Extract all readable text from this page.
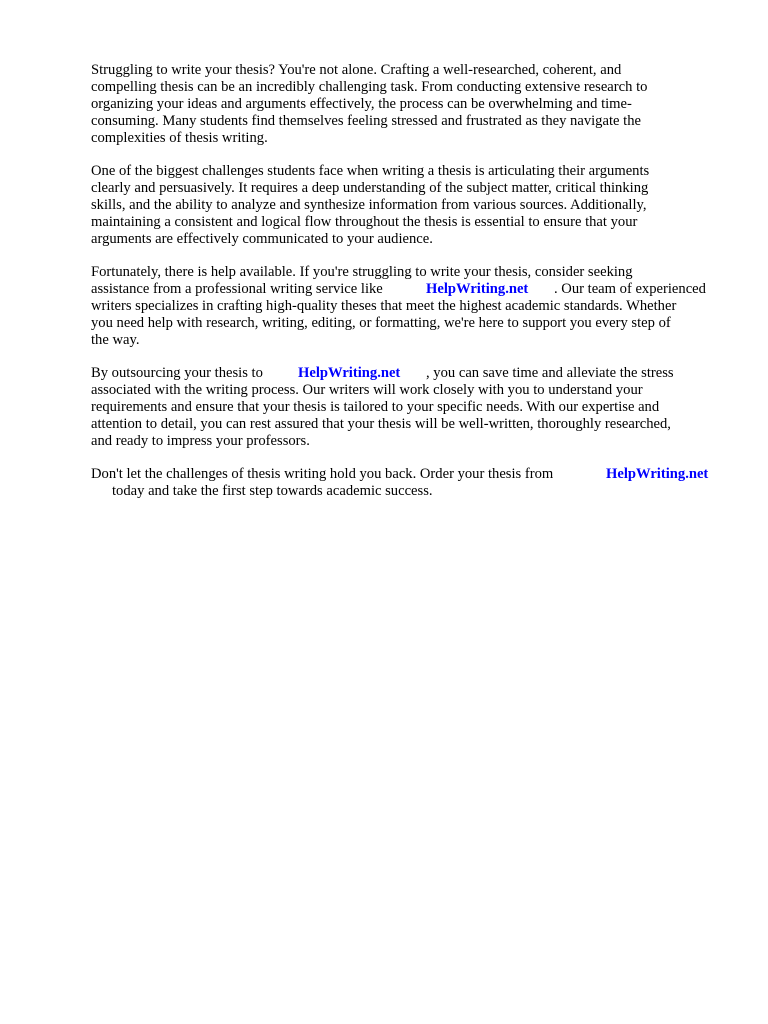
Struggling to write your thesis? You're not alone. Crafting a well-researched, coherent, and

compelling thesis can be an incredibly challenging task. From conducting extensive research to

organizing your ideas and arguments effectively, the process can be overwhelming and time-

consuming. Many students find themselves feeling stressed and frustrated as they navigate the

complexities of thesis writing.

One of the biggest challenges students face when writing a thesis is articulating their arguments

clearly and persuasively. It requires a deep understanding of the subject matter, critical thinking

skills, and the ability to analyze and synthesize information from various sources. Additionally,

maintaining a consistent and logical flow throughout the thesis is essential to ensure that your

arguments are effectively communicated to your audience.

Fortunately, there is help available. If you're struggling to write your thesis, consider seeking

assistance from a professional writing service like	HelpWriting.net . Our team of experienced

writers specializes in crafting high-quality theses that meet the highest academic standards. Whether

you need help with research, writing, editing, or formatting, we're here to support you every step of

the way.

By outsourcing your thesis to HelpWriting.net , you can save time and alleviate the stress

associated with the writing process. Our writers will work closely with you to understand your

requirements and ensure that your thesis is tailored to your specific needs. With our expertise and

attention to detail, you can rest assured that your thesis will be well-written, thoroughly researched,

and ready to impress your professors.

Don't let the challenges of thesis writing hold you back. Order your thesis from	HelpWriting.net

today and take the first step towards academic success.
